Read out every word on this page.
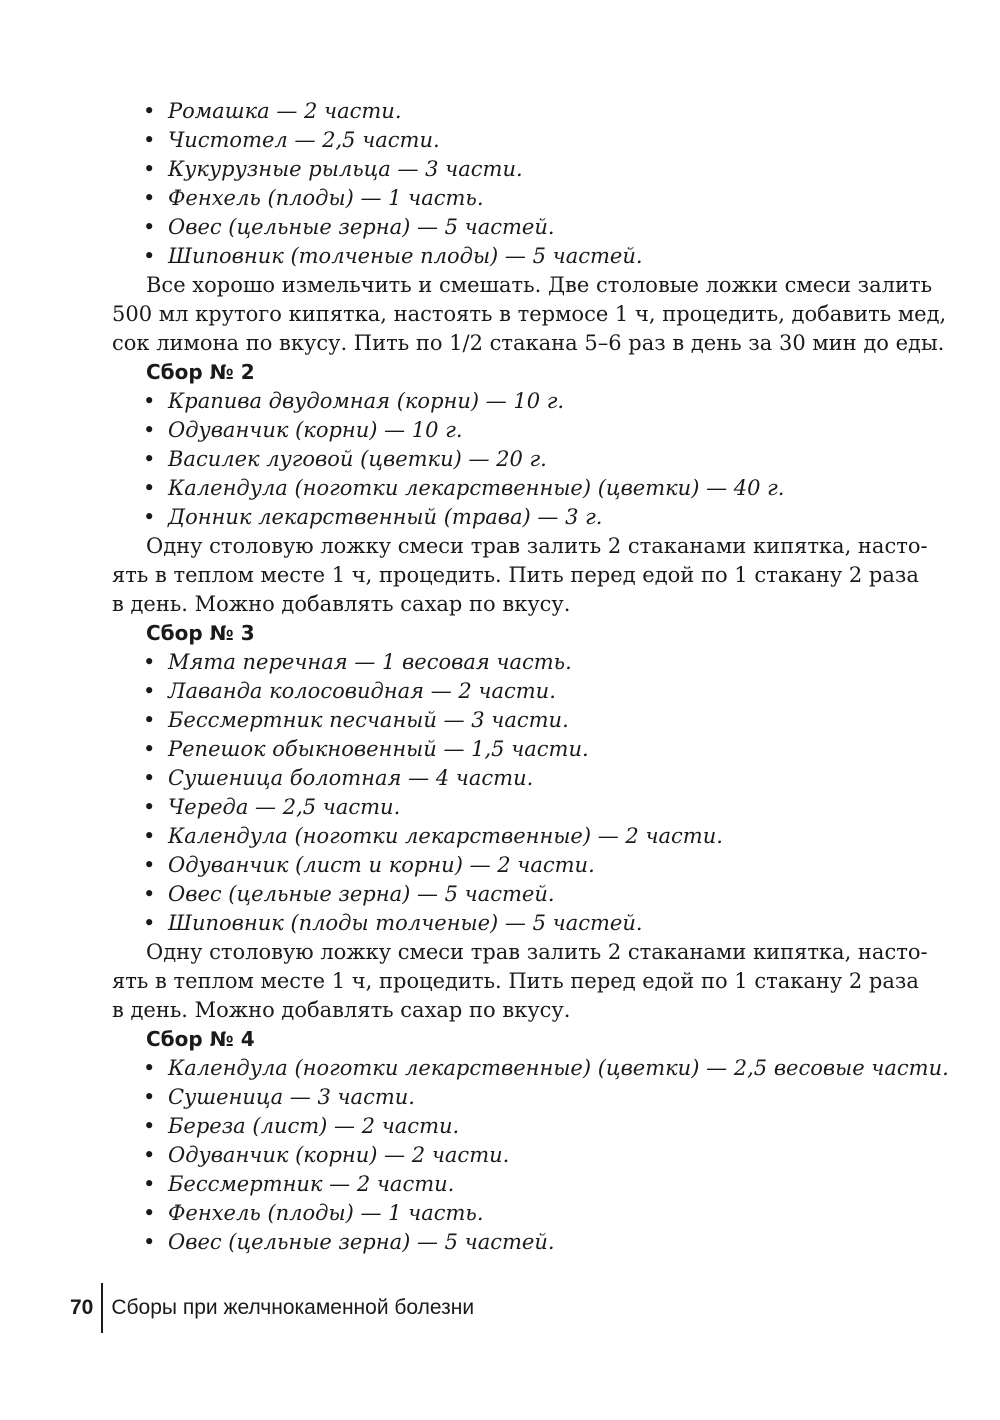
• Ромашка — 2 части.
• Чистотел — 2,5 части.
• Кукурузные рыльца — 3 части.
• Фенхель (плоды) — 1 часть.
• Овес (цельные зерна) — 5 частей.
• Шиповник (толченые плоды) — 5 частей.
Все хорошо измельчить и смешать. Две столовые ложки смеси залить
500 мл крутого кипятка, настоять в термосе 1 ч, процедить, добавить мед,
сок лимона по вкусу. Пить по 1/2 стакана 5–6 раз в день за 30 мин до еды.
Сбор № 2
• Крапива двудомная (корни) — 10 г.
• Одуванчик (корни) — 10 г.
• Василек луговой (цветки) — 20 г.
• Календула (ноготки лекарственные) (цветки) — 40 г.
• Донник лекарственный (трава) — 3 г.
Одну столовую ложку смеси трав залить 2 стаканами кипятка, насто-
ять в теплом месте 1 ч, процедить. Пить перед едой по 1 стакану 2 раза
в день. Можно добавлять сахар по вкусу.
Сбор № 3
• Мята перечная — 1 весовая часть.
• Лаванда колосовидная — 2 части.
• Бессмертник песчаный — 3 части.
• Репешок обыкновенный — 1,5 части.
• Сушеница болотная — 4 части.
• Череда — 2,5 части.
• Календула (ноготки лекарственные) — 2 части.
• Одуванчик (лист и корни) — 2 части.
• Овес (цельные зерна) — 5 частей.
• Шиповник (плоды толченые) — 5 частей.
Одну столовую ложку смеси трав залить 2 стаканами кипятка, насто-
ять в теплом месте 1 ч, процедить. Пить перед едой по 1 стакану 2 раза
в день. Можно добавлять сахар по вкусу.
Сбор № 4
• Календула (ноготки лекарственные) (цветки) — 2,5 весовые части.
• Сушеница — 3 части.
• Береза (лист) — 2 части.
• Одуванчик (корни) — 2 части.
• Бессмертник — 2 части.
• Фенхель (плоды) — 1 часть.
• Овес (цельные зерна) — 5 частей.
70 Сборы при желчнокаменной болезни
